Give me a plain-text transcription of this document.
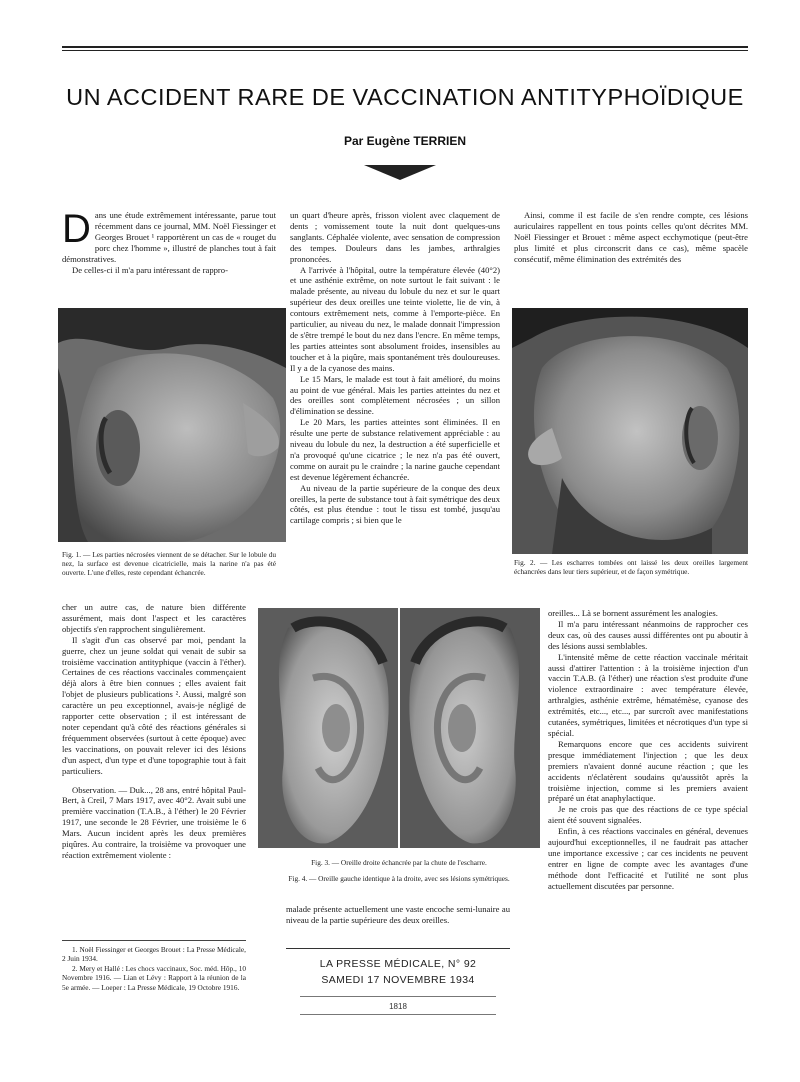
UN ACCIDENT RARE DE VACCINATION ANTITYPHOÏDIQUE
Par Eugène TERRIEN
D ans une étude extrêmement intéressante, parue tout récemment dans ce journal, MM. Noël Fiessinger et Georges Brouet ¹ rapportèrent un cas de « rouget du porc chez l'homme », illustré de planches tout à fait démonstratives.

De celles-ci il m'a paru intéressant de rappro-

un quart d'heure après, frisson violent avec claquement de dents ; vomissement toute la nuit dont quelques-uns sanglants. Céphalée violente, avec sensation de compression des tempes. Douleurs dans les jambes, arthralgies prononcées.

A l'arrivée à l'hôpital, outre la température élevée (40°2) et une asthénie extrême, on note surtout le fait suivant : le malade présente, au niveau du lobule du nez et sur le quart supérieur des deux oreilles une teinte violette, lie de vin, à contours extrêmement nets, comme à l'emporte-pièce. En particulier, au niveau du nez, le malade donnait l'impression de s'être trempé le bout du nez dans l'encre. En même temps, les parties atteintes sont absolument froides, insensibles au toucher et à la piqûre, mais spontanément très douloureuses. Il y a de la cyanose des mains.

Le 15 Mars, le malade est tout à fait amélioré, du moins au point de vue général. Mais les parties atteintes du nez et des oreilles sont complètement nécrosées ; un sillon d'élimination se dessine.

Le 20 Mars, les parties atteintes sont éliminées. Il en résulte une perte de substance relativement appréciable : au niveau du lobule du nez, la destruction a été superficielle et n'a provoqué qu'une cicatrice ; le nez n'a pas été ouvert, comme on aurait pu le craindre ; la narine gauche cependant est devenue légèrement échancrée.

Au niveau de la partie supérieure de la conque des deux oreilles, la perte de substance tout à fait symétrique des deux côtés, est plus étendue : tout le tissu est tombé, jusqu'au cartilage compris ; si bien que le

Ainsi, comme il est facile de s'en rendre compte, ces lésions auriculaires rappellent en tous points celles qu'ont décrites MM. Noël Fiessinger et Brouet : même aspect ecchymotique (peut-être plus limité et plus circonscrit dans ce cas), même spacèle consécutif, même élimination des extrémités des

Fig. 1. — Les parties nécrosées viennent de se détacher. Sur le lobule du nez, la surface est devenue cicatricielle, mais la narine n'a pas été ouverte. L'une d'elles, reste cependant échancrée.
Fig. 2. — Les escharres tombées ont laissé les deux oreilles largement échancrées dans leur tiers supérieur, et de façon symétrique.

cher un autre cas, de nature bien différente assurément, mais dont l'aspect et les caractères objectifs s'en rapprochent singulièrement.

Il s'agit d'un cas observé par moi, pendant la guerre, chez un jeune soldat qui venait de subir sa troisième vaccination antityphique (vaccin à l'éther). Certaines de ces réactions vaccinales commençaient déjà alors à être bien connues ; elles avaient fait l'objet de plusieurs publications ². Aussi, malgré son caractère un peu exceptionnel, avais-je négligé de rapporter cette observation ; il est intéressant de noter cependant qu'à côté des réactions générales si fréquemment observées (surtout à cette époque) avec les vaccinations, on pouvait relever ici des lésions d'un aspect, d'un type et d'une topographie tout à fait particuliers.

Observation. — Duk..., 28 ans, entré hôpital Paul-Bert, à Creil, 7 Mars 1917, avec 40°2. Avait subi une première vaccination (T.A.B., à l'éther) le 20 Février 1917, une seconde le 28 Février, une troisième le 6 Mars. Aucun incident après les deux premières piqûres. Au contraire, la troisième va provoquer une réaction extrêmement violente :

1. Noël Fiessinger et Georges Brouet : La Presse Médicale, 2 Juin 1934.

2. Mery et Hallé : Les chocs vaccinaux, Soc. méd. Hôp., 10 Novembre 1916. — Lian et Lévy : Rapport à la réunion de la 5e armée. — Loeper : La Presse Médicale, 19 Octobre 1916.

Fig. 3. — Oreille droite échancrée par la chute de l'escharre.
Fig. 4. — Oreille gauche identique à la droite, avec ses lésions symétriques.

malade présente actuellement une vaste encoche semi-lunaire au niveau de la partie supérieure des deux oreilles.

LA PRESSE MÉDICALE, N° 92
SAMEDI 17 NOVEMBRE 1934
1818

oreilles... Là se bornent assurément les analogies.

Il m'a paru intéressant néanmoins de rapprocher ces deux cas, où des causes aussi différentes ont pu aboutir à des lésions aussi semblables.

L'intensité même de cette réaction vaccinale méritait aussi d'attirer l'attention : à la troisième injection d'un vaccin T.A.B. (à l'éther) une réaction s'est produite d'une violence extraordinaire : avec température élevée, arthralgies, asthénie extrême, hématémèse, cyanose des extrémités, etc..., etc..., par surcroît avec manifestations cutanées, symétriques, limitées et nécrotiques d'un type si spécial.

Remarquons encore que ces accidents suivirent presque immédiatement l'injection ; que les deux premiers n'avaient donné aucune réaction ; que les accidents n'éclatèrent soudains qu'aussitôt après la troisième injection, comme si les premiers avaient préparé un état anaphylactique.

Je ne crois pas que des réactions de ce type spécial aient été souvent signalées.

Enfin, à ces réactions vaccinales en général, devenues aujourd'hui exceptionnelles, il ne faudrait pas attacher une importance excessive ; car ces incidents ne peuvent entrer en ligne de compte avec les avantages d'une méthode dont l'efficacité et l'utilité ne sont plus actuellement discutées par personne.
